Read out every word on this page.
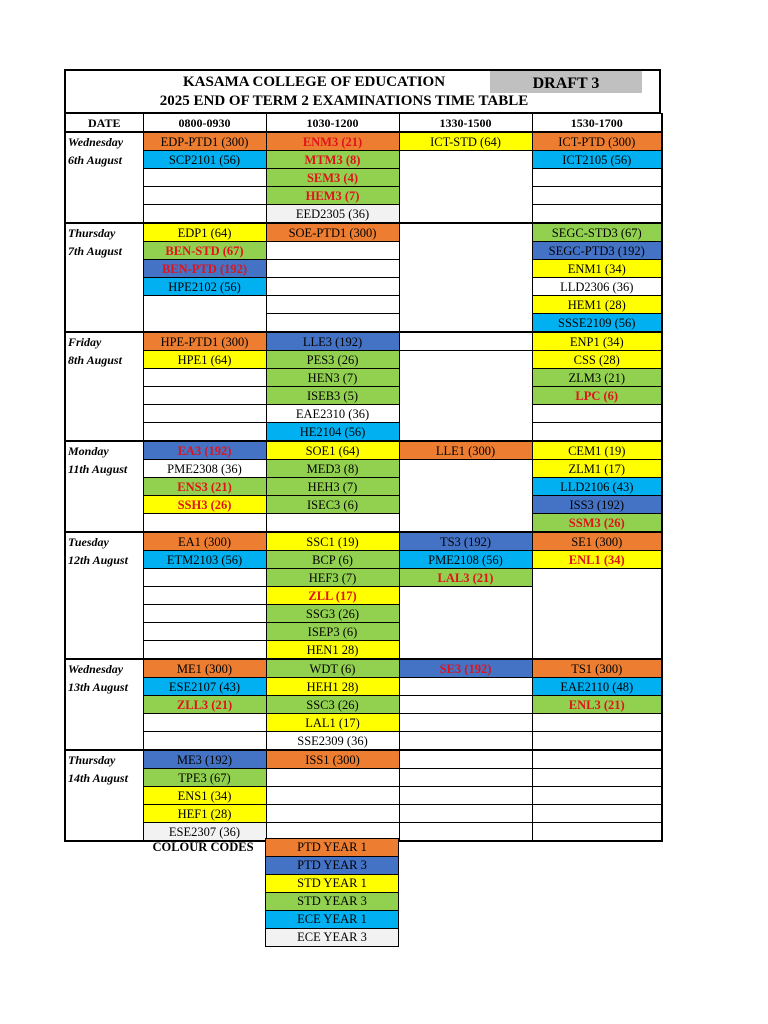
KASAMA COLLEGE OF EDUCATION
2025 END OF TERM 2 EXAMINATIONS TIME TABLE
DRAFT 3
DATE	0800-0930	1030-1200	1330-1500	1530-1700
Wednesday	EDP-PTD1 (300)	ENM3 (21)	ICT-STD (64)	ICT-PTD (300)
6th August	SCP2101 (56)	MTM3 (8)		ICT2105 (56)
		SEM3 (4)		
		HEM3 (7)		
		EED2305 (36)		
Thursday	EDP1 (64)	SOE-PTD1 (300)		SEGC-STD3 (67)
7th August	BEN-STD (67)			SEGC-PTD3 (192)
	BEN-PTD (192)			ENM1 (34)
	HPE2102 (56)			LLD2306 (36)
				HEM1 (28)
				SSSE2109 (56)
Friday	HPE-PTD1 (300)	LLE3 (192)		ENP1 (34)
8th August	HPE1 (64)	PES3 (26)		CSS (28)
		HEN3 (7)		ZLM3 (21)
		ISEB3 (5)		LPC (6)
		EAE2310 (36)		
		HE2104 (56)		
Monday	EA3 (192)	SOE1 (64)	LLE1 (300)	CEM1 (19)
11th August	PME2308 (36)	MED3 (8)		ZLM1 (17)
	ENS3 (21)	HEH3 (7)		LLD2106 (43)
	SSH3 (26)	ISEC3 (6)		ISS3 (192)
				SSM3 (26)
Tuesday	EA1 (300)	SSC1 (19)	TS3 (192)	SE1 (300)
12th August	ETM2103 (56)	BCP (6)	PME2108 (56)	ENL1 (34)
		HEF3 (7)	LAL3 (21)	
		ZLL (17)		
		SSG3 (26)		
		ISEP3 (6)		
		HEN1 28)		
Wednesday	ME1 (300)	WDT (6)	SE3 (192)	TS1 (300)
13th August	ESE2107 (43)	HEH1 28)		EAE2110 (48)
	ZLL3 (21)	SSC3 (26)		ENL3 (21)
		LAL1 (17)		
		SSE2309 (36)		
Thursday	ME3 (192)	ISS1 (300)		
14th August	TPE3 (67)			
	ENS1 (34)			
	HEF1 (28)			
	ESE2307 (36)			
COLOUR CODES	PTD YEAR 1
PTD YEAR 3
STD YEAR 1
STD YEAR 3
ECE YEAR 1
ECE YEAR 3
